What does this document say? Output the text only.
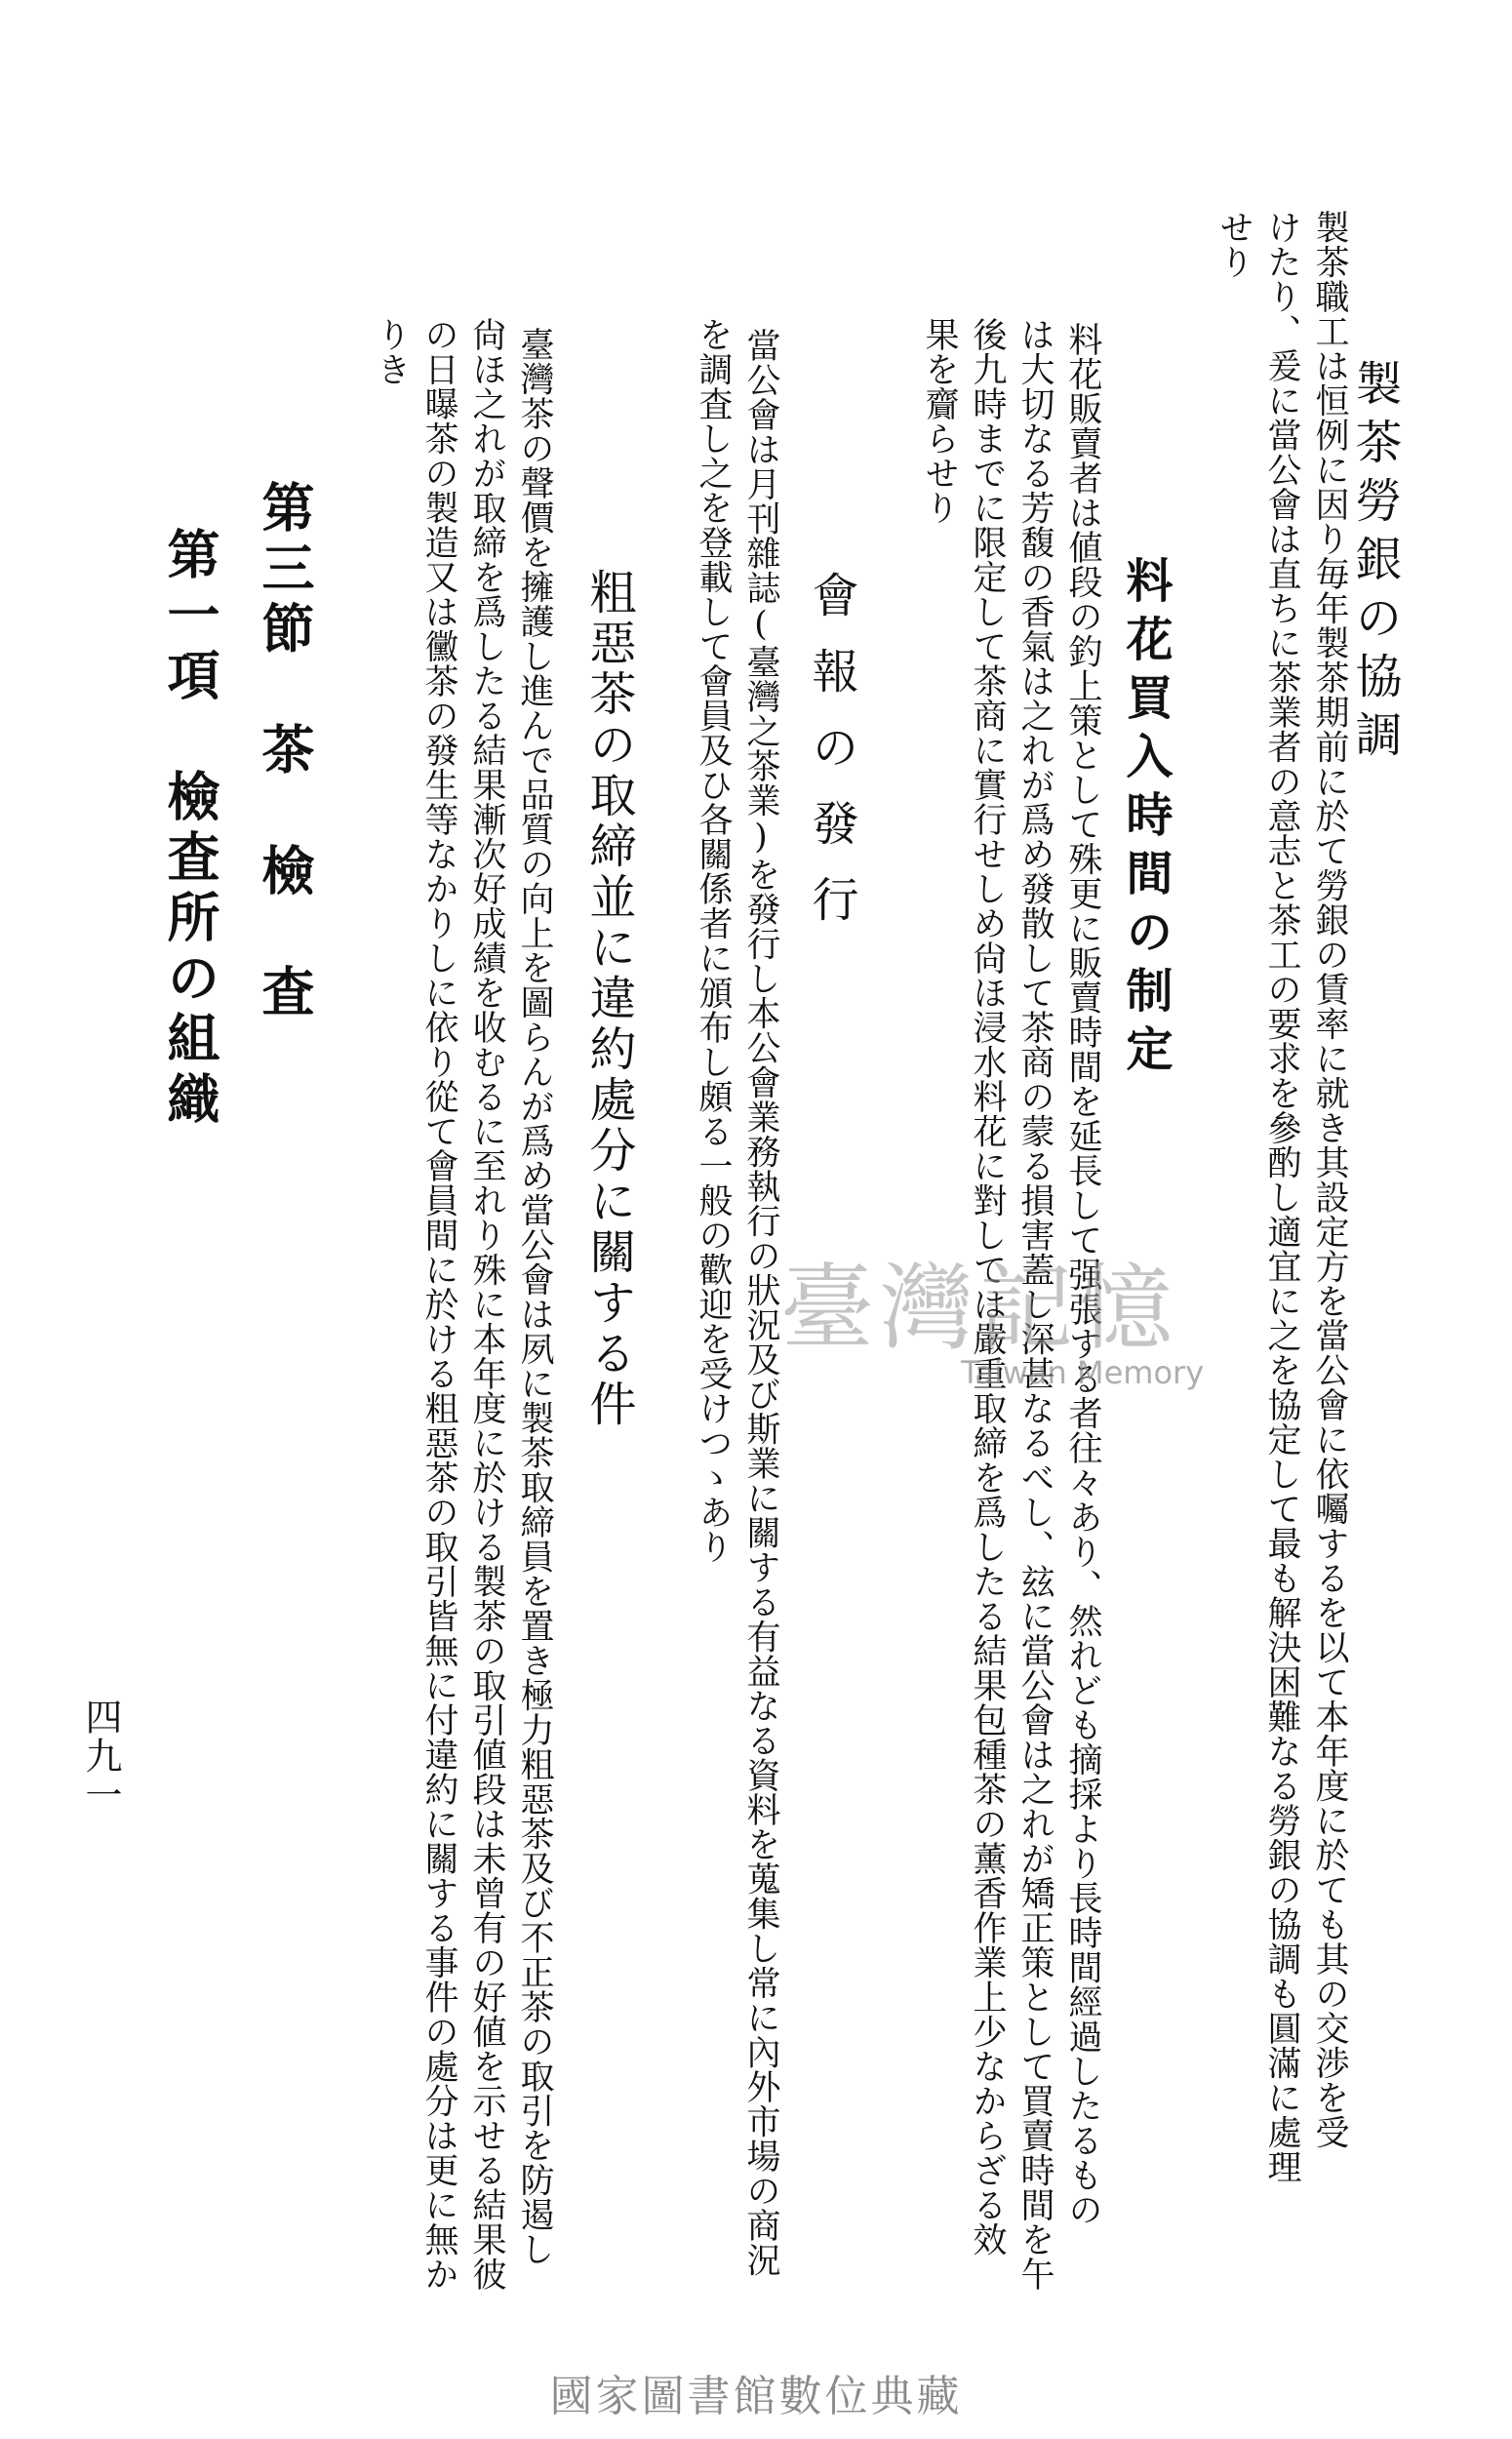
製茶勞銀の協調
製茶職工は恒例に因り毎年製茶期前に於て勞銀の賃率に就き其設定方を當公會に依囑するを以て本年度に於ても其の交渉を受
けたり、爰に當公會は直ちに茶業者の意志と茶工の要求を參酌し適宜に之を協定して最も解決困難なる勞銀の協調も圓滿に處理
せり
料花買入時間の制定
料花販賣者は値段の釣上策として殊更に販賣時間を延長して强張する者往々あり、然れども摘採より長時間經過したるもの
は大切なる芳馥の香氣は之れが爲め發散して茶商の蒙る損害蓋し深甚なるべし、玆に當公會は之れが矯正策として買賣時間を午
後九時までに限定して茶商に實行せしめ尙ほ浸水料花に對しては嚴重取締を爲したる結果包種茶の薰香作業上少なからざる效
果を齎らせり
會報の發行
當公會は月刊雜誌(臺灣之茶業)を發行し本公會業務執行の狀況及び斯業に關する有益なる資料を蒐集し常に內外市場の商況
を調査し之を登載して會員及ひ各關係者に頒布し頗る一般の歡迎を受けつゝあり
粗惡茶の取締並に違約處分に關する件
臺灣茶の聲價を擁護し進んで品質の向上を圖らんが爲め當公會は夙に製茶取締員を置き極力粗惡茶及び不正茶の取引を防遏し
尙ほ之れが取締を爲したる結果漸次好成績を收むるに至れり殊に本年度に於ける製茶の取引値段は未曾有の好値を示せる結果彼
の日曝茶の製造又は黴茶の發生等なかりしに依り從て會員間に於ける粗惡茶の取引皆無に付違約に關する事件の處分は更に無か
りき
第三節　茶　檢　査
第一項　檢査所の組織
四九一
臺灣記憶
Taiwan Memory
國家圖書館數位典藏
